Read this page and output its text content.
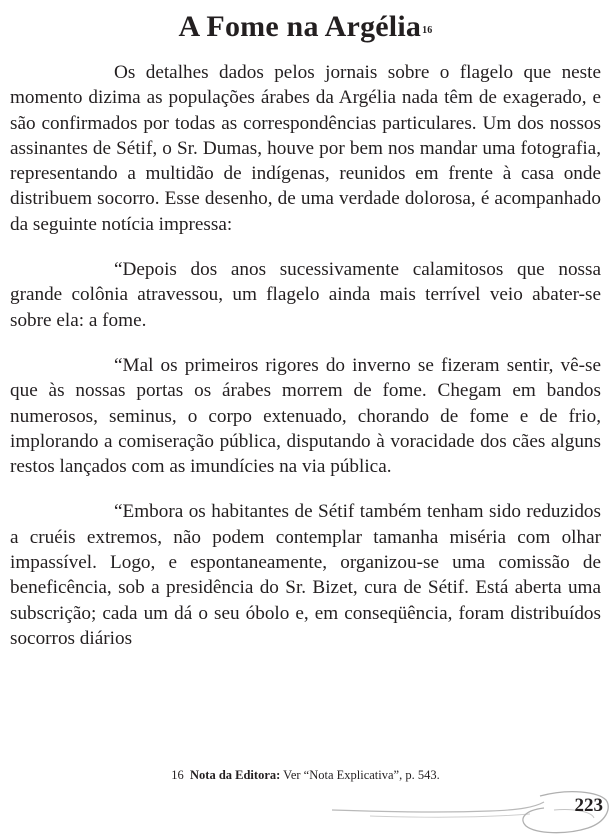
A Fome na Argélia$^{16}$

Os detalhes dados pelos jornais sobre o flagelo que neste momento dizima as populações árabes da Argélia nada têm de exagerado, e são confirmados por todas as correspondências particulares. Um dos nossos assinantes de Sétif, o Sr. Dumas, houve por bem nos mandar uma fotografia, representando a multidão de indígenas, reunidos em frente à casa onde distribuem socorro. Esse desenho, de uma verdade dolorosa, é acompanhado da seguinte notícia impressa:

“Depois dos anos sucessivamente calamitosos que nossa grande colônia atravessou, um flagelo ainda mais terrível veio abater-se sobre ela: a fome.

“Mal os primeiros rigores do inverno se fizeram sentir, vê-se que às nossas portas os árabes morrem de fome. Chegam em bandos numerosos, seminus, o corpo extenuado, chorando de fome e de frio, implorando a comiseração pública, disputando à voracidade dos cães alguns restos lançados com as imundícies na via pública.

“Embora os habitantes de Sétif também tenham sido reduzidos a cruéis extremos, não podem contemplar tamanha miséria com olhar impassível. Logo, e espontaneamente, organizou-se uma comissão de beneficência, sob a presidência do Sr. Bizet, cura de Sétif. Está aberta uma subscrição; cada um dá o seu óbolo e, em conseqüência, foram distribuídos socorros diários

16 Nota da Editora: Ver “Nota Explicativa”, p. 543.
223
